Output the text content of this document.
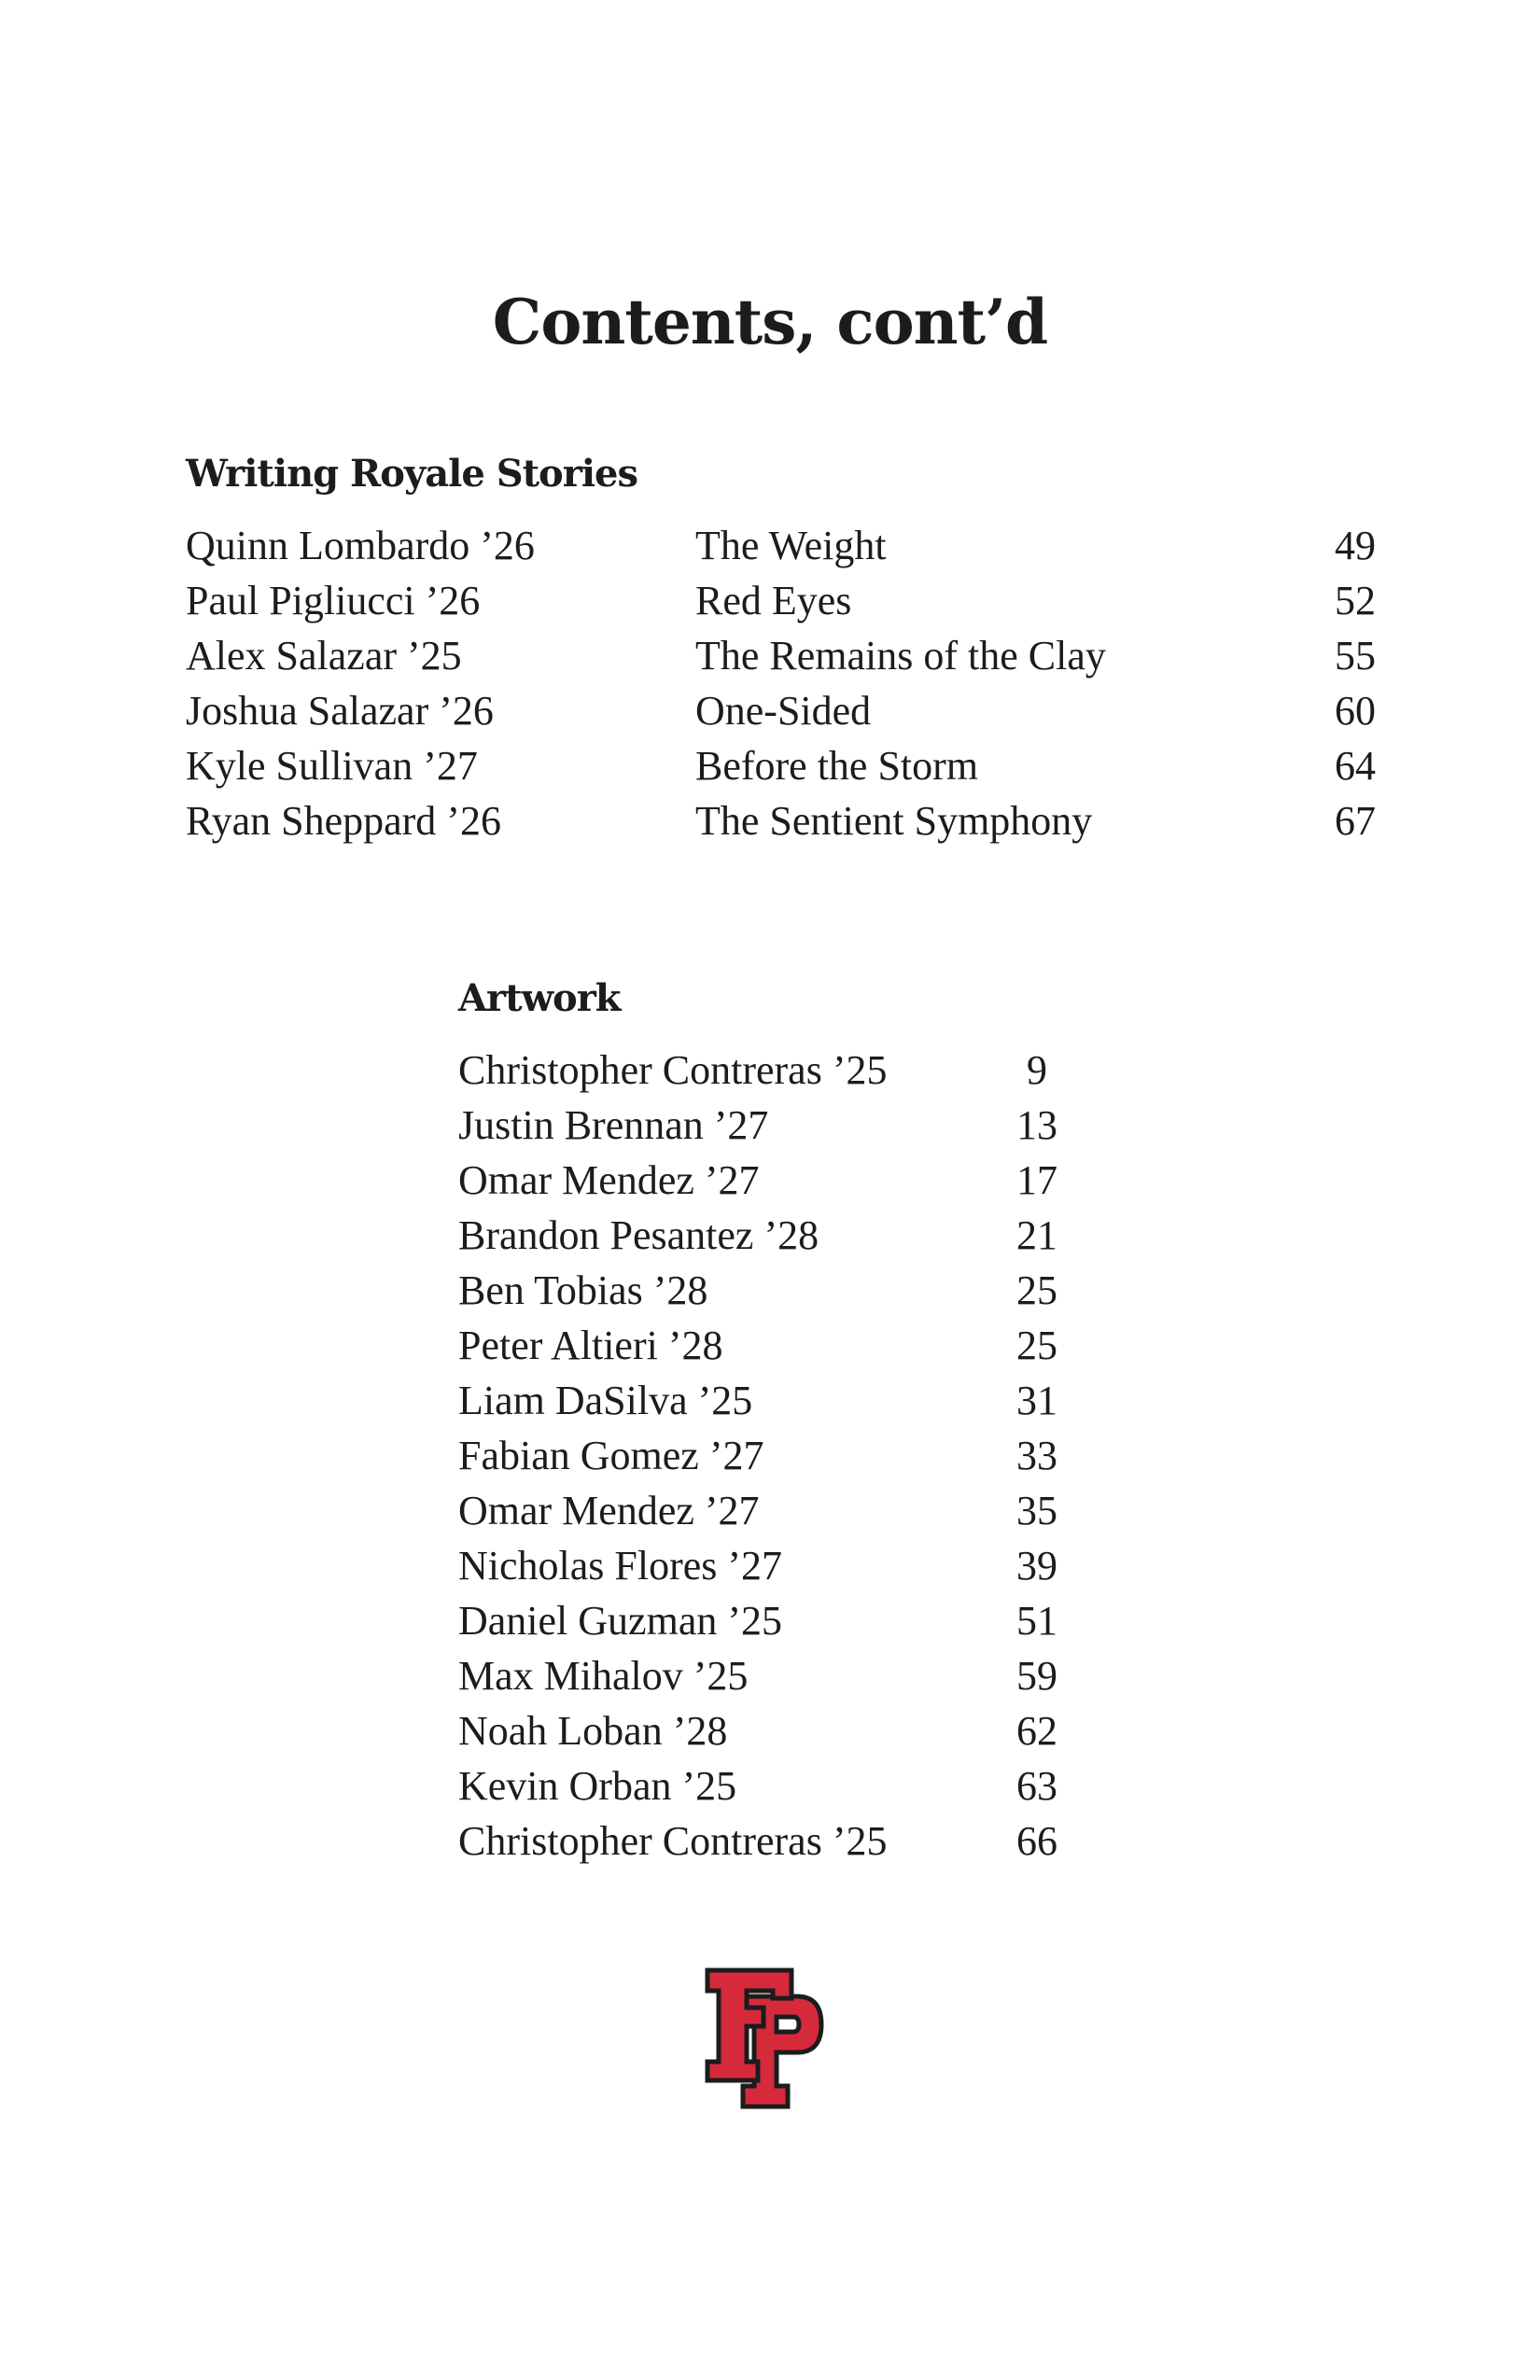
Contents, cont’d
Writing Royale Stories
Quinn Lombardo ’26	The Weight	49
Paul Pigliucci ’26	Red Eyes	52
Alex Salazar ’25	The Remains of the Clay	55
Joshua Salazar ’26	One-Sided	60
Kyle Sullivan ’27	Before the Storm	64
Ryan Sheppard ’26	The Sentient Symphony	67
Artwork
Christopher Contreras ’25	9
Justin Brennan ’27	13
Omar Mendez ’27	17
Brandon Pesantez ’28	21
Ben Tobias ’28	25
Peter Altieri ’28	25
Liam DaSilva ’25	31
Fabian Gomez ’27	33
Omar Mendez ’27	35
Nicholas Flores ’27	39
Daniel Guzman ’25	51
Max Mihalov ’25	59
Noah Loban ’28	62
Kevin Orban ’25	63
Christopher Contreras ’25	66
